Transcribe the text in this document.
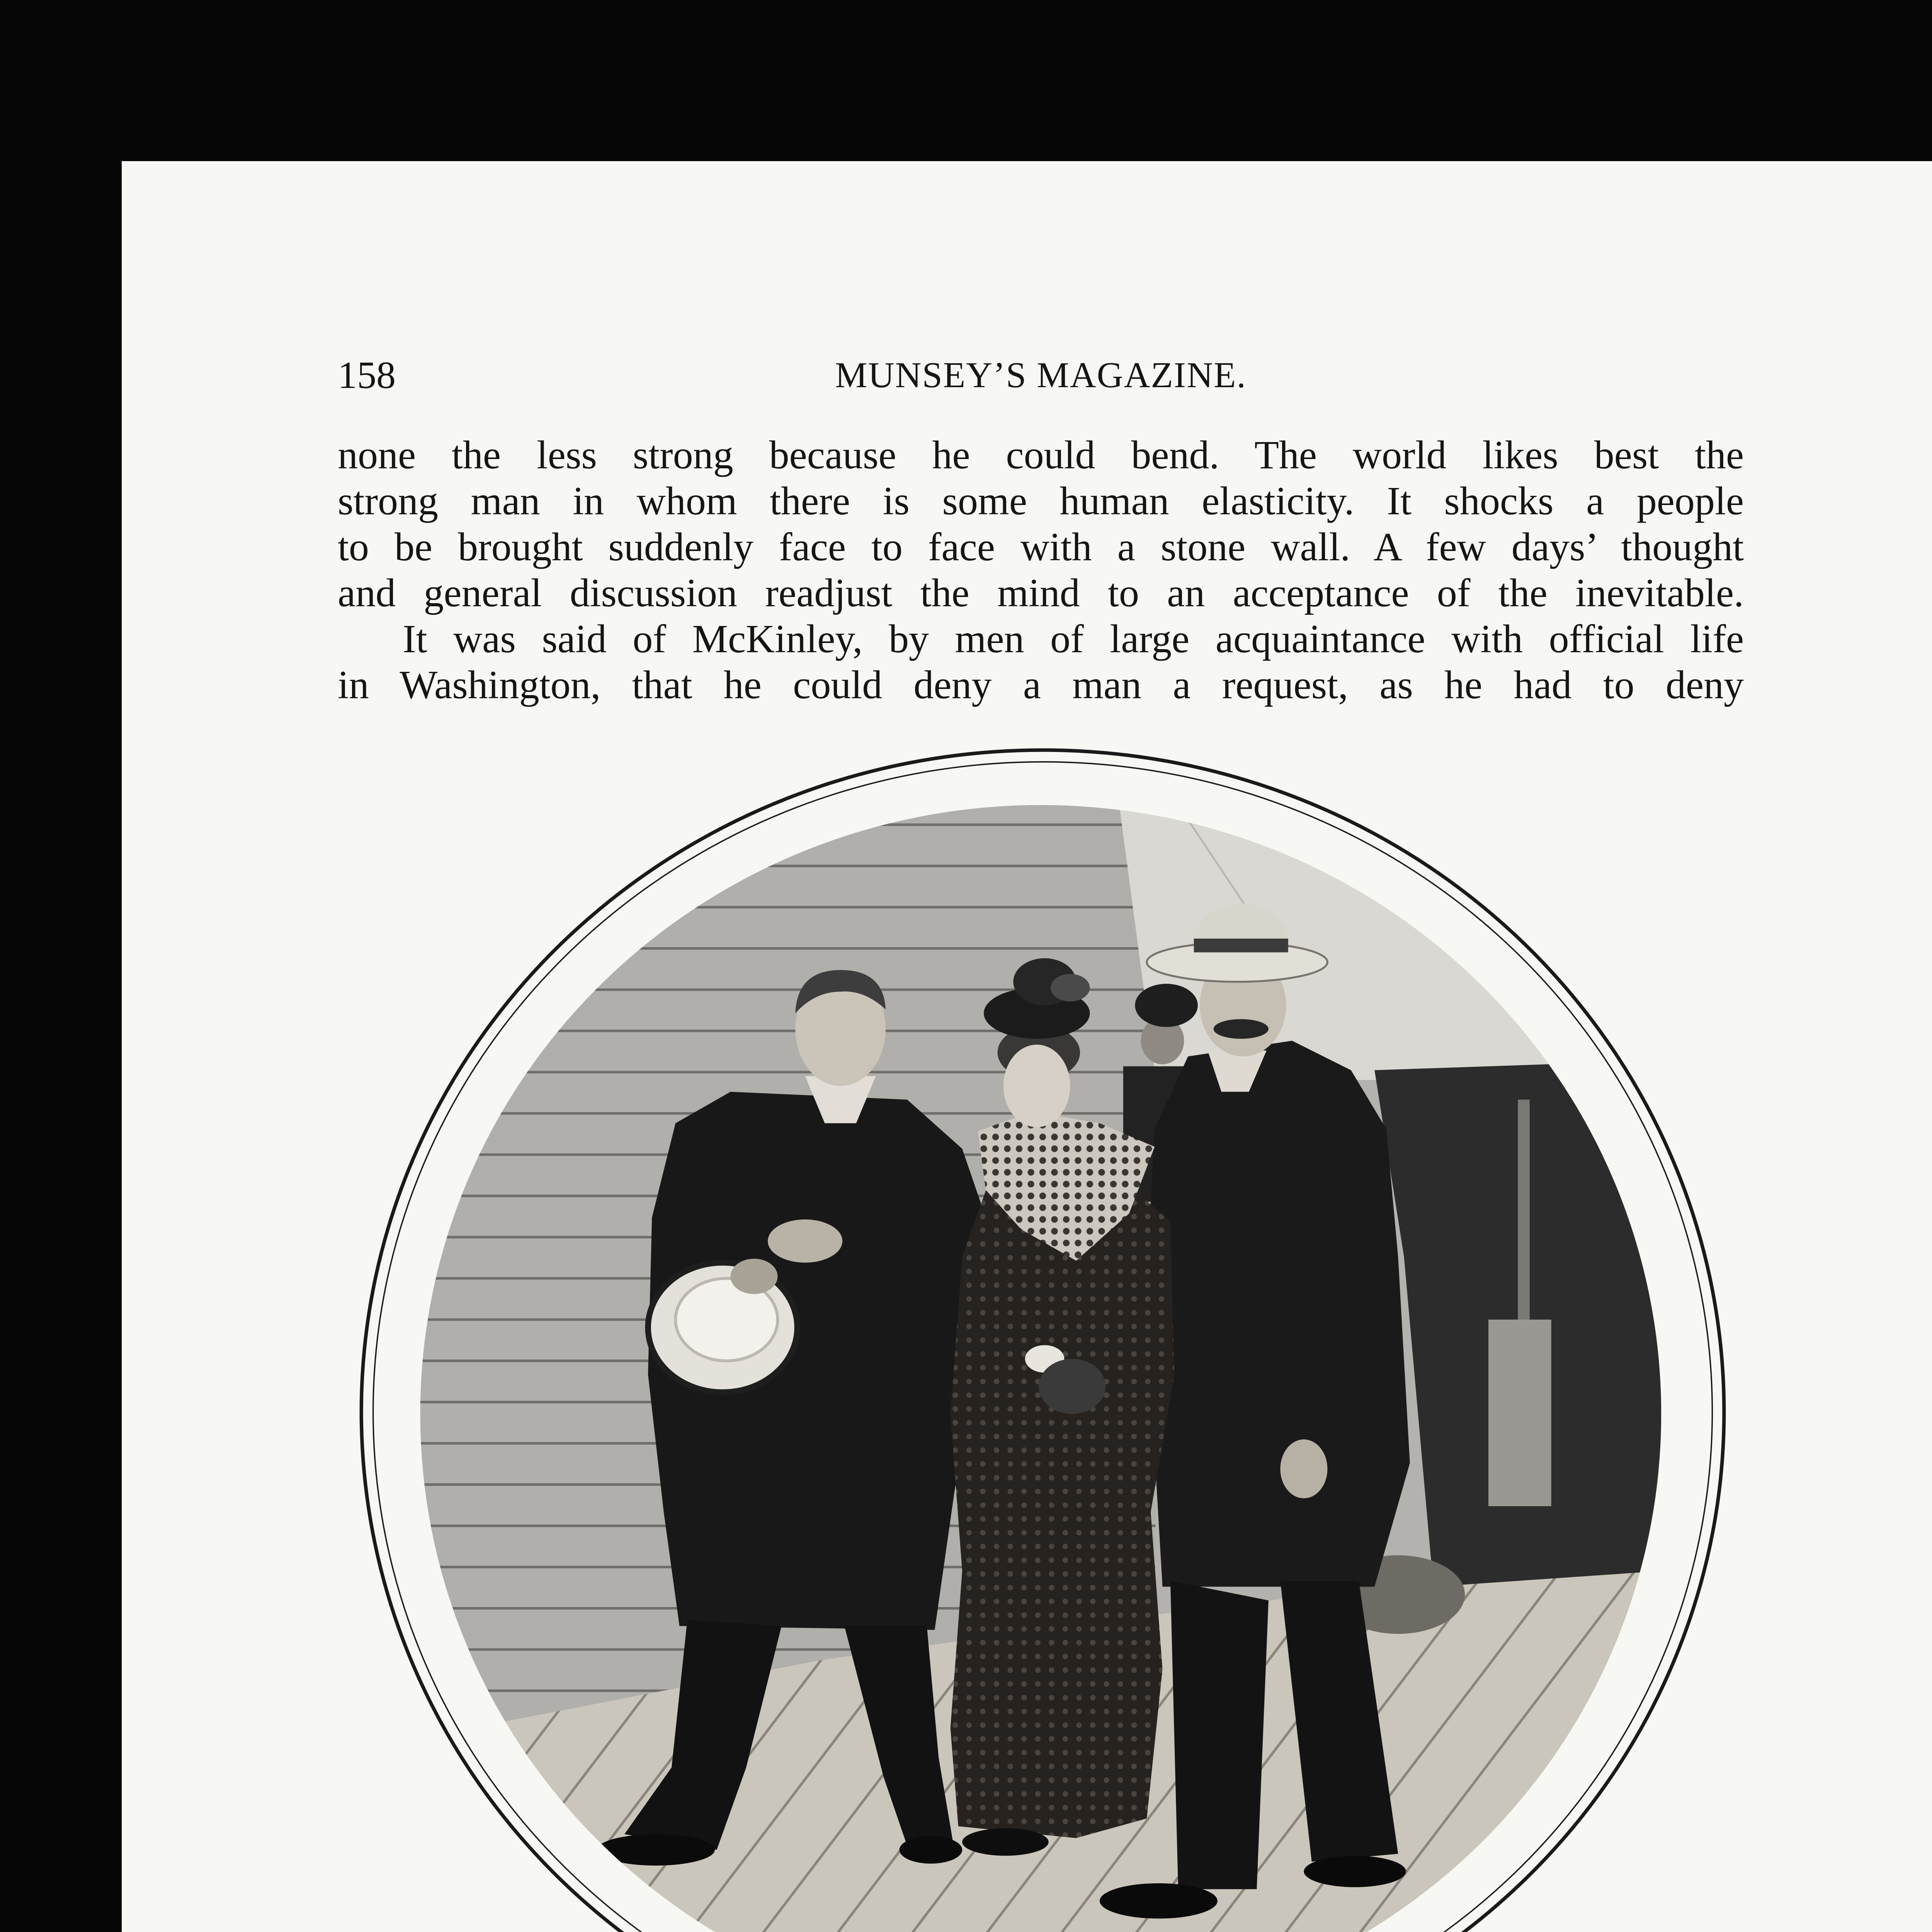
158	MUNSEY’S MAGAZINE.
none the less strong because he could bend. The world likes best the
strong man in whom there is some human elasticity. It shocks a people
to be brought suddenly face to face with a stone wall. A few days’ thought
and general discussion readjust the mind to an acceptance of the inevitable.
It was said of McKinley, by men of large acquaintance with official life
in Washington, that he could deny a man a request, as he had to deny
